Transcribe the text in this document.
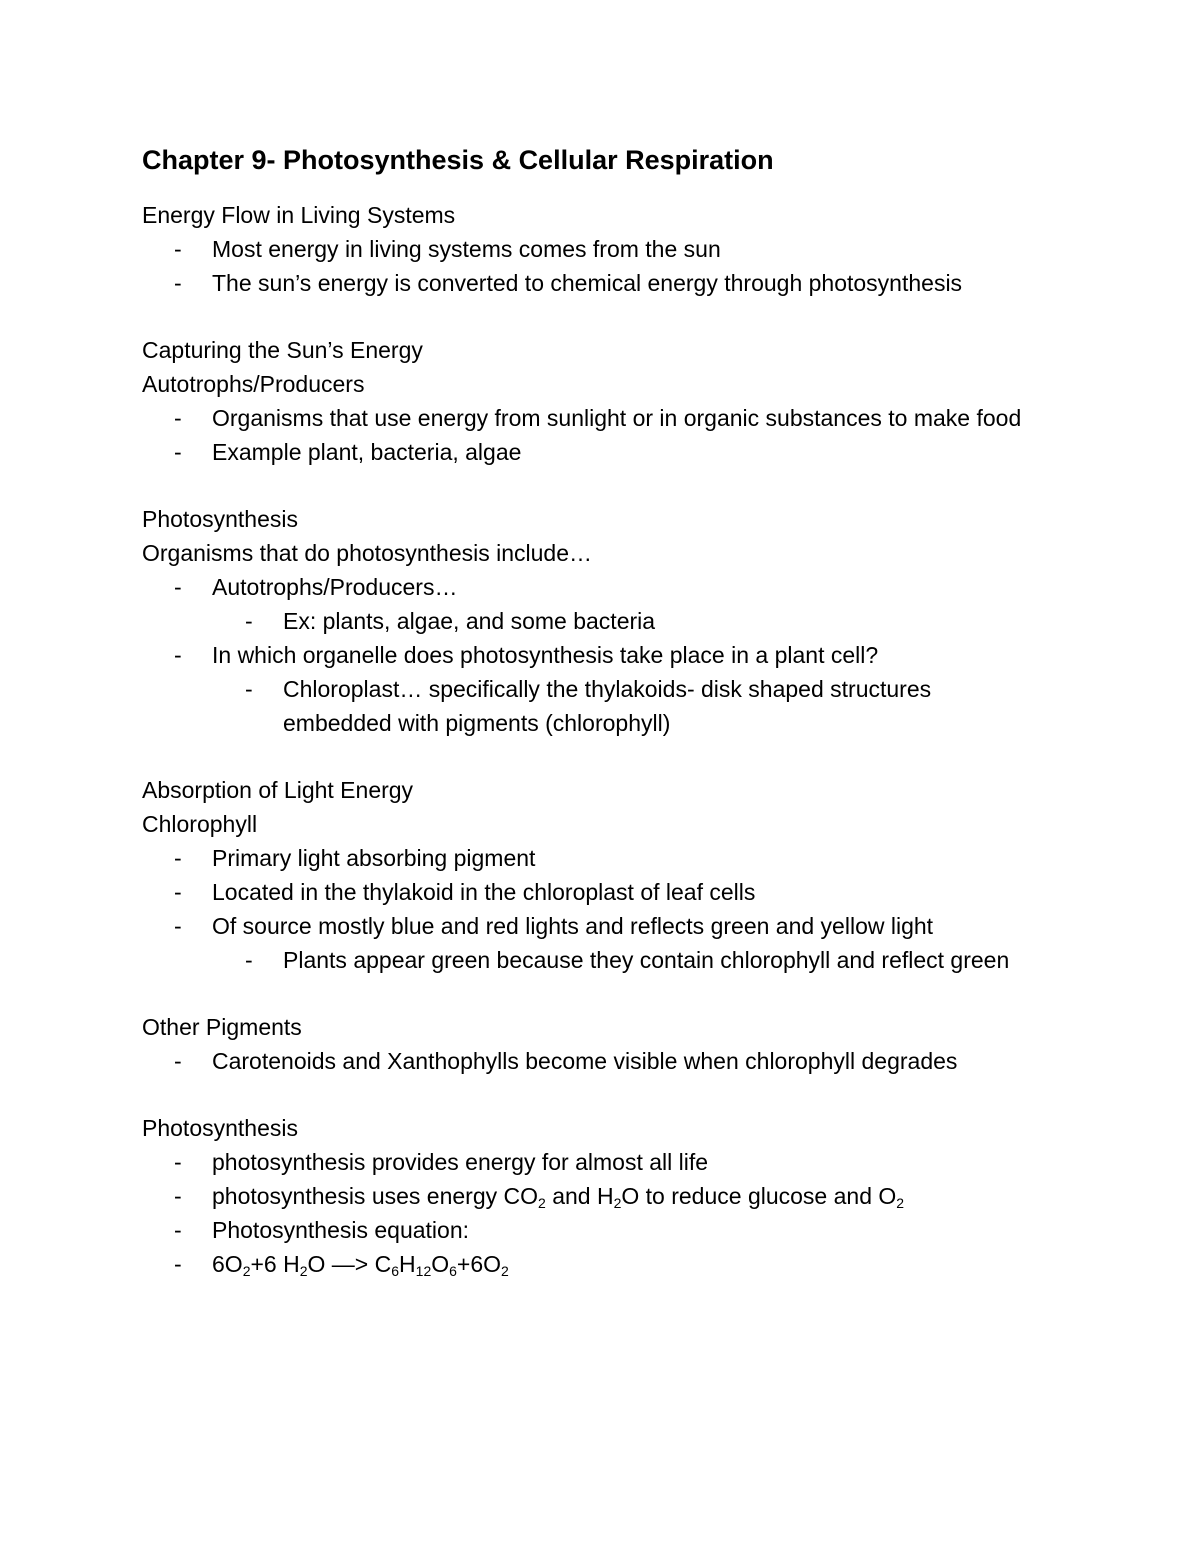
Chapter 9- Photosynthesis & Cellular Respiration
Energy Flow in Living Systems
- Most energy in living systems comes from the sun
- The sun’s energy is converted to chemical energy through photosynthesis
Capturing the Sun’s Energy
Autotrophs/Producers
- Organisms that use energy from sunlight or in organic substances to make food
- Example plant, bacteria, algae
Photosynthesis
Organisms that do photosynthesis include…
- Autotrophs/Producers…
- Ex: plants, algae, and some bacteria
- In which organelle does photosynthesis take place in a plant cell?
- Chloroplast… specifically the thylakoids- disk shaped structures embedded with pigments (chlorophyll)
Absorption of Light Energy
Chlorophyll
- Primary light absorbing pigment
- Located in the thylakoid in the chloroplast of leaf cells
- Of source mostly blue and red lights and reflects green and yellow light
- Plants appear green because they contain chlorophyll and reflect green
Other Pigments
- Carotenoids and Xanthophylls become visible when chlorophyll degrades
Photosynthesis
- photosynthesis provides energy for almost all life
- photosynthesis uses energy $CO_2$ and $H_2O$ to reduce glucose and $O_2$
- Photosynthesis equation:
- $6O_2+6$ $H_2O$ —> $C_6H_{12}O_6+6O_2$
